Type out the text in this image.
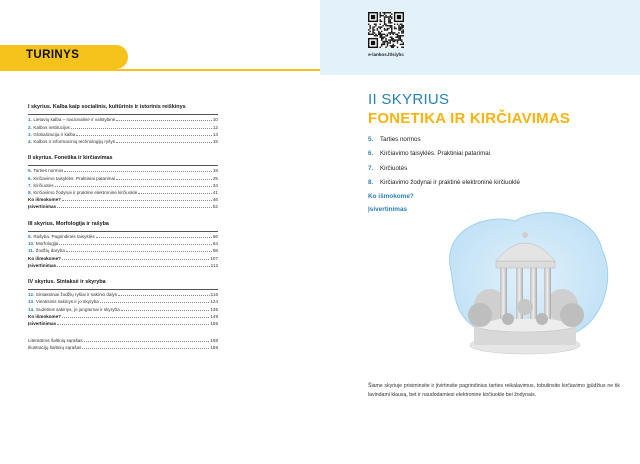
TURINYS
I skyrius. Kalba kaip socialinis, kultūrinis ir istorinis reiškinys
1. Lietuvių kalba – nacionalinė ir valstybinė	10
2. Kalbos institucijos	12
3. Globalizacija ir kalba	13
4. Kalbos ir informacinių technologijų ryšys	15
II skyrius. Fonetika ir kirčiavimas
5. Tarties normos	18
6. Kirčiavimo taisyklės. Praktiniai patarimai	25
7. Kirčiuotės	34
8. Kirčiavimo žodynai ir praktinė elektroninė kirčiuoklė	41
Ko išmokome?	46
Įsivertinimas	52
III skyrius. Morfologija ir rašyba
9. Rašyba. Pagrindinės taisyklės	56
10. Morfologija	64
11. Žodžių daryba	98
Ko išmokome?	107
Įsivertinimas	112
IV skyrius. Sintaksė ir skyryba
12. Sintaksiniai žodžių ryšiai ir sakinio dalys	116
13. Vientisinis sakinys ir jo skyryba	124
14. Sudėtinis sakinys, jo jungtumai ir skyryba	135
Ko išmokome?	149
Įsivertinimas	155
Literatūros šaltinių sąrašas	158
Iliustracijų šaltinių sąrašas	159
e-lankos.lt/siyhc
II SKYRIUS
FONETIKA IR KIRČIAVIMAS
5.	Tarties normos
6.	Kirčiavimo taisyklės. Praktiniai patarimai
7.	Kirčiuotės
8.	Kirčiavimo žodynai ir praktinė elektroninė kirčiuoklė
Ko išmokome?
Įsivertinimas
Šiame skyriuje prisiminsite ir įtvirtinsite pagrindinius tarties reikalavimus, tobulinsite kirčiavimo įgūdžius ne tik lavindami klausą, bet ir naudodamiesi elektronine kirčiuokle bei žodynais.
